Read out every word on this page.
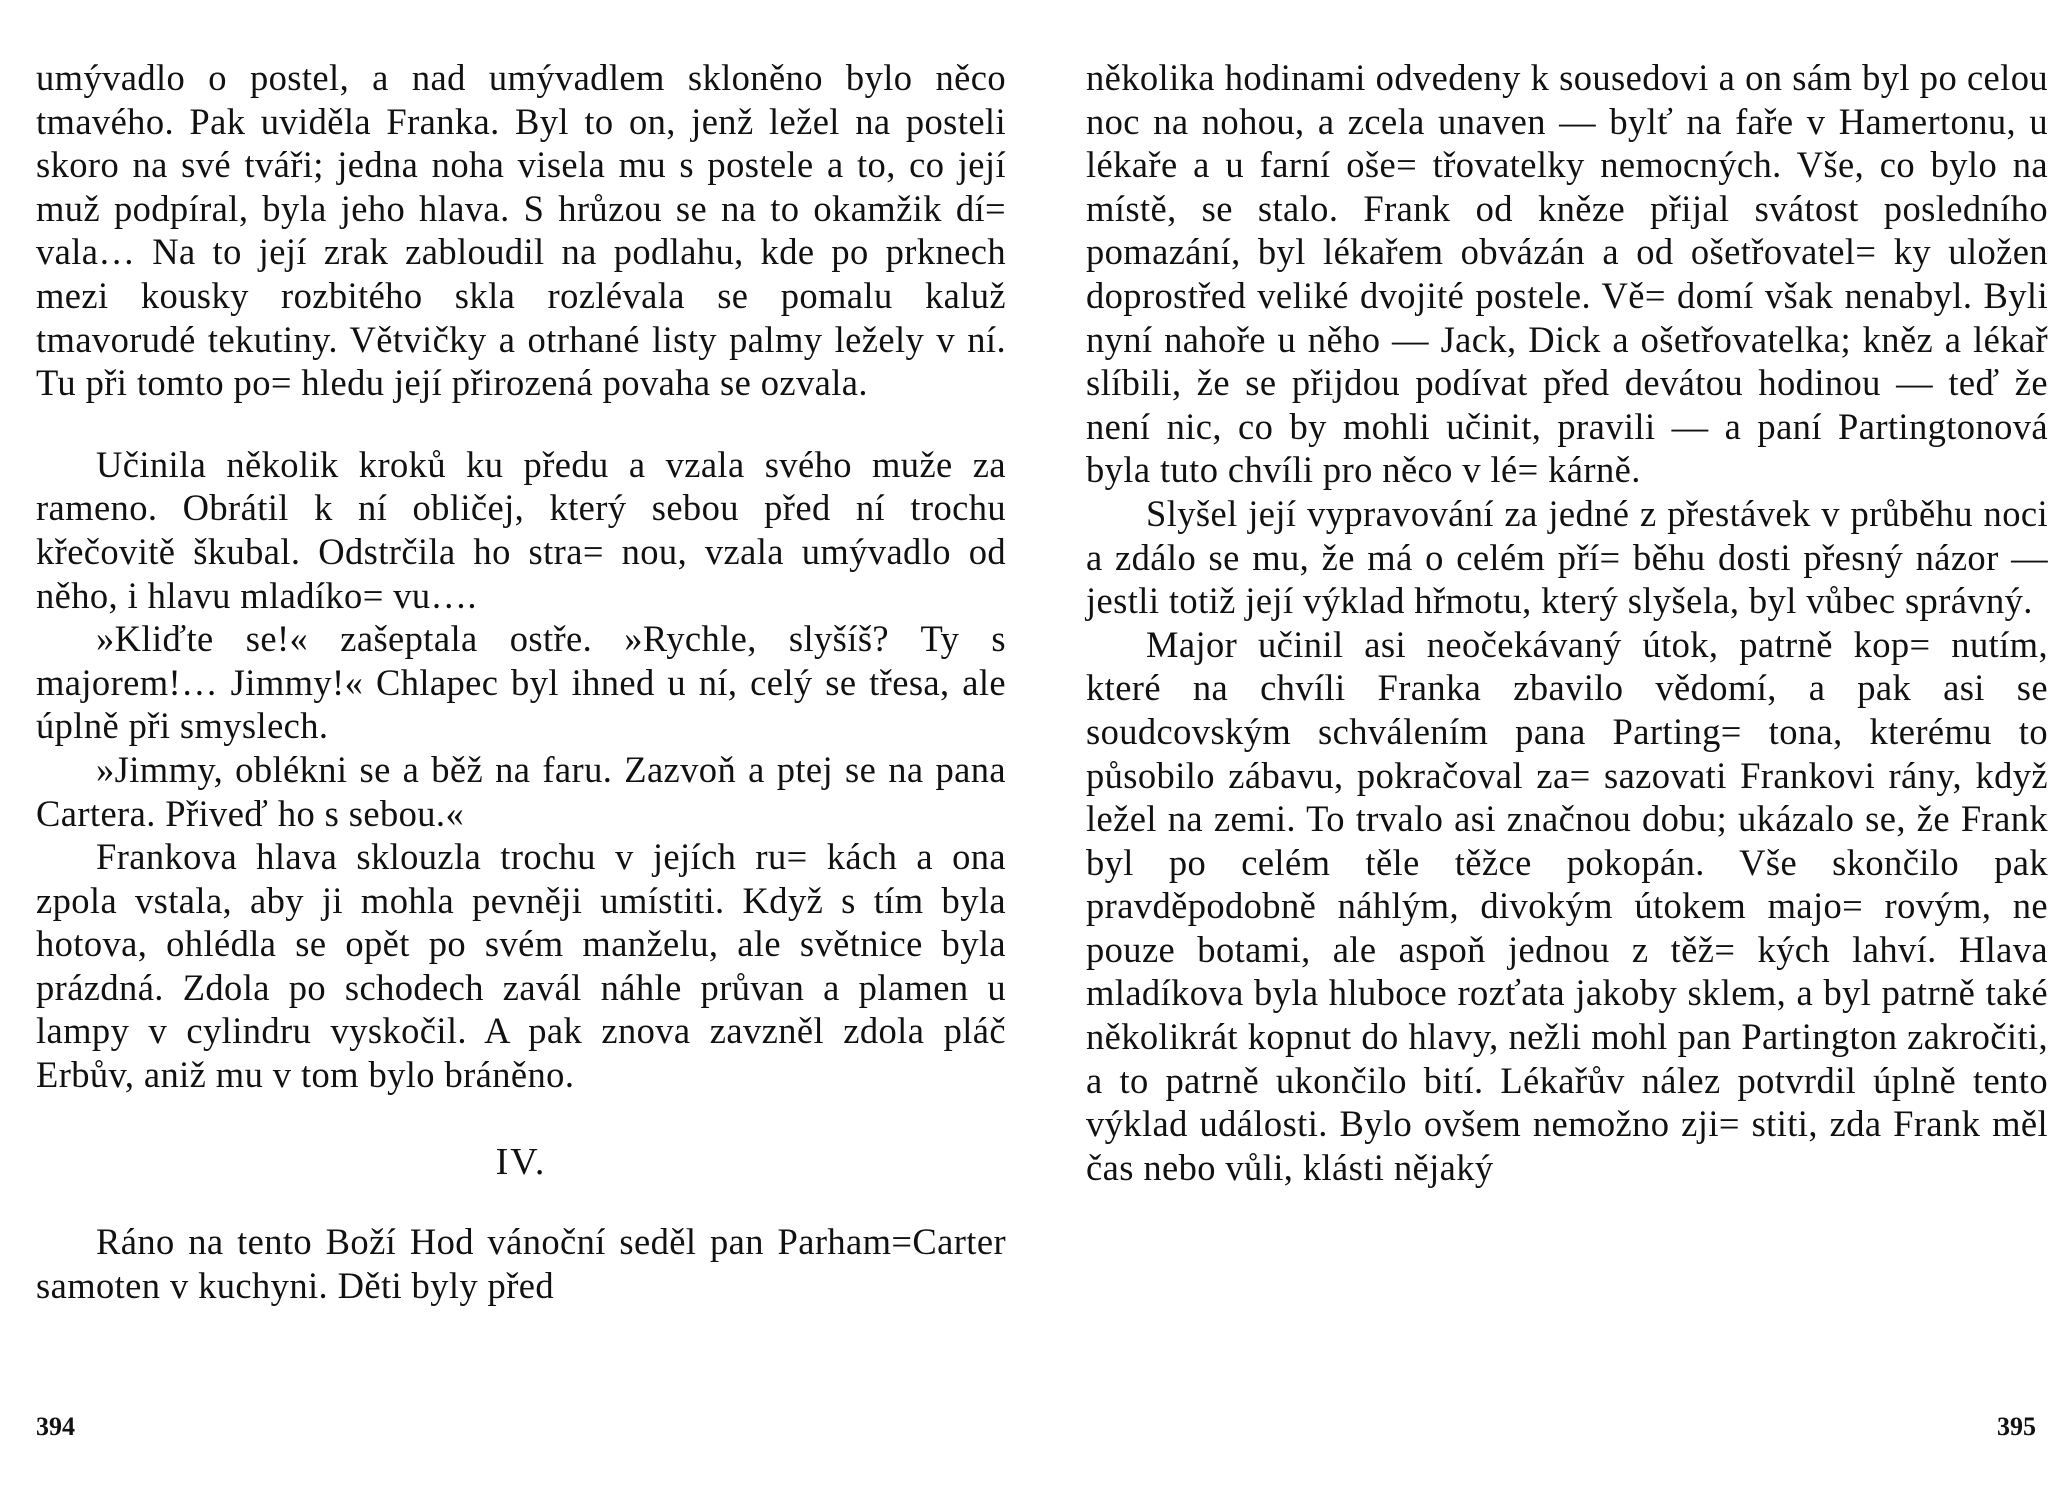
umývadlo o postel, a nad umývadlem skloněno bylo něco tmavého. Pak uviděla Franka. Byl to on, jenž ležel na posteli skoro na své tváři; jedna noha visela mu s postele a to, co její muž podpíral, byla jeho hlava. S hrůzou se na to okamžik dí= vala… Na to její zrak zabloudil na podlahu, kde po prknech mezi kousky rozbitého skla rozlévala se pomalu kaluž tmavorudé tekutiny. Větvičky a otrhané listy palmy ležely v ní. Tu při tomto po= hledu její přirozená povaha se ozvala.

Učinila několik kroků ku předu a vzala svého muže za rameno. Obrátil k ní obličej, který sebou před ní trochu křečovitě škubal. Odstrčila ho stra= nou, vzala umývadlo od něho, i hlavu mladíko= vu….

»Kliďte se!« zašeptala ostře. »Rychle, slyšíš? Ty s majorem!… Jimmy!« Chlapec byl ihned u ní, celý se třesa, ale úplně při smyslech.

»Jimmy, oblékni se a běž na faru. Zazvoň a ptej se na pana Cartera. Přiveď ho s sebou.«

Frankova hlava sklouzla trochu v jejích ru= kách a ona zpola vstala, aby ji mohla pevněji umístiti. Když s tím byla hotova, ohlédla se opět po svém manželu, ale světnice byla prázdná. Zdola po schodech zavál náhle průvan a plamen u lampy v cylindru vyskočil. A pak znova zavzněl zdola pláč Erbův, aniž mu v tom bylo bráněno.

IV.

Ráno na tento Boží Hod vánoční seděl pan Parham=Carter samoten v kuchyni. Děti byly před

394

několika hodinami odvedeny k sousedovi a on sám byl po celou noc na nohou, a zcela unaven — bylť na faře v Hamertonu, u lékaře a u farní oše= třovatelky nemocných. Vše, co bylo na místě, se stalo. Frank od kněze přijal svátost posledního pomazání, byl lékařem obvázán a od ošetřovatel= ky uložen doprostřed veliké dvojité postele. Vě= domí však nenabyl. Byli nyní nahoře u něho — Jack, Dick a ošetřovatelka; kněz a lékař slíbili, že se přijdou podívat před devátou hodinou — teď že není nic, co by mohli učinit, pravili — a paní Partingtonová byla tuto chvíli pro něco v lé= kárně.

Slyšel její vypravování za jedné z přestávek v průběhu noci a zdálo se mu, že má o celém pří= běhu dosti přesný názor — jestli totiž její výklad hřmotu, který slyšela, byl vůbec správný.

Major učinil asi neočekávaný útok, patrně kop= nutím, které na chvíli Franka zbavilo vědomí, a pak asi se soudcovským schválením pana Parting= tona, kterému to působilo zábavu, pokračoval za= sazovati Frankovi rány, když ležel na zemi. To trvalo asi značnou dobu; ukázalo se, že Frank byl po celém těle těžce pokopán. Vše skončilo pak pravděpodobně náhlým, divokým útokem majo= rovým, ne pouze botami, ale aspoň jednou z těž= kých lahví. Hlava mladíkova byla hluboce rozťata jakoby sklem, a byl patrně také několikrát kopnut do hlavy, nežli mohl pan Partington zakročiti, a to patrně ukončilo bití. Lékařův nález potvrdil úplně tento výklad události. Bylo ovšem nemožno zji= stiti, zda Frank měl čas nebo vůli, klásti nějaký

395
